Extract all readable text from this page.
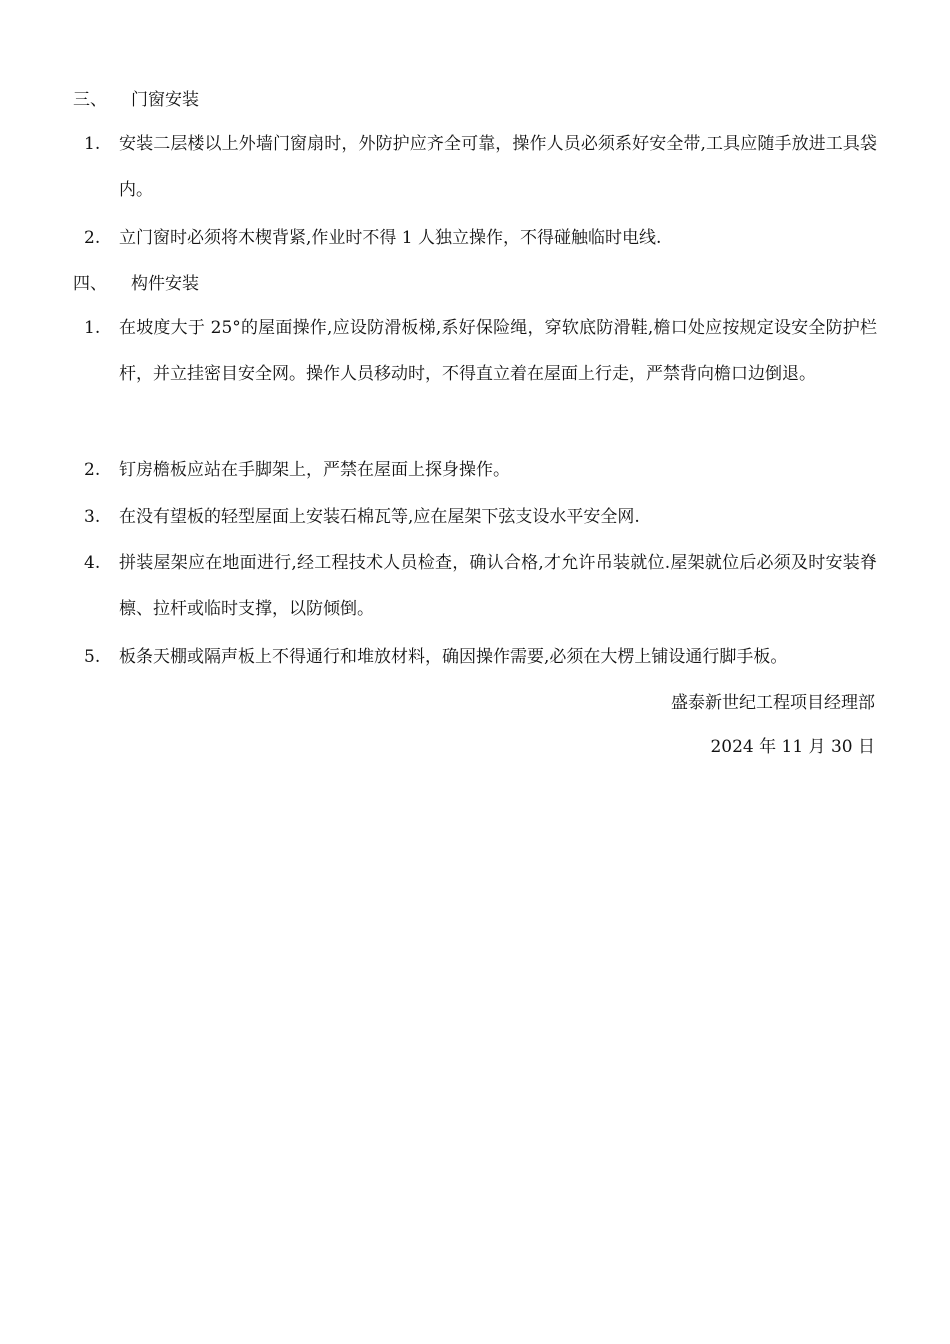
三、 门窗安装
1.	安装二层楼以上外墙门窗扇时，外防护应齐全可靠，操作人员必须系好安全带,工具应随手放进工具袋内。
2.	立门窗时必须将木楔背紧,作业时不得 1 人独立操作，不得碰触临时电线.
四、 构件安装
1.	在坡度大于 25°的屋面操作,应设防滑板梯,系好保险绳，穿软底防滑鞋,檐口处应按规定设安全防护栏杆，并立挂密目安全网。操作人员移动时，不得直立着在屋面上行走，严禁背向檐口边倒退。
2.	钉房檐板应站在手脚架上，严禁在屋面上探身操作。
3.	在没有望板的轻型屋面上安装石棉瓦等,应在屋架下弦支设水平安全网.
4.	拼装屋架应在地面进行,经工程技术人员检查，确认合格,才允许吊装就位.屋架就位后必须及时安装脊檩、拉杆或临时支撑，以防倾倒。
5.	板条天棚或隔声板上不得通行和堆放材料，确因操作需要,必须在大楞上铺设通行脚手板。
盛泰新世纪工程项目经理部
2024 年 11 月 30 日
